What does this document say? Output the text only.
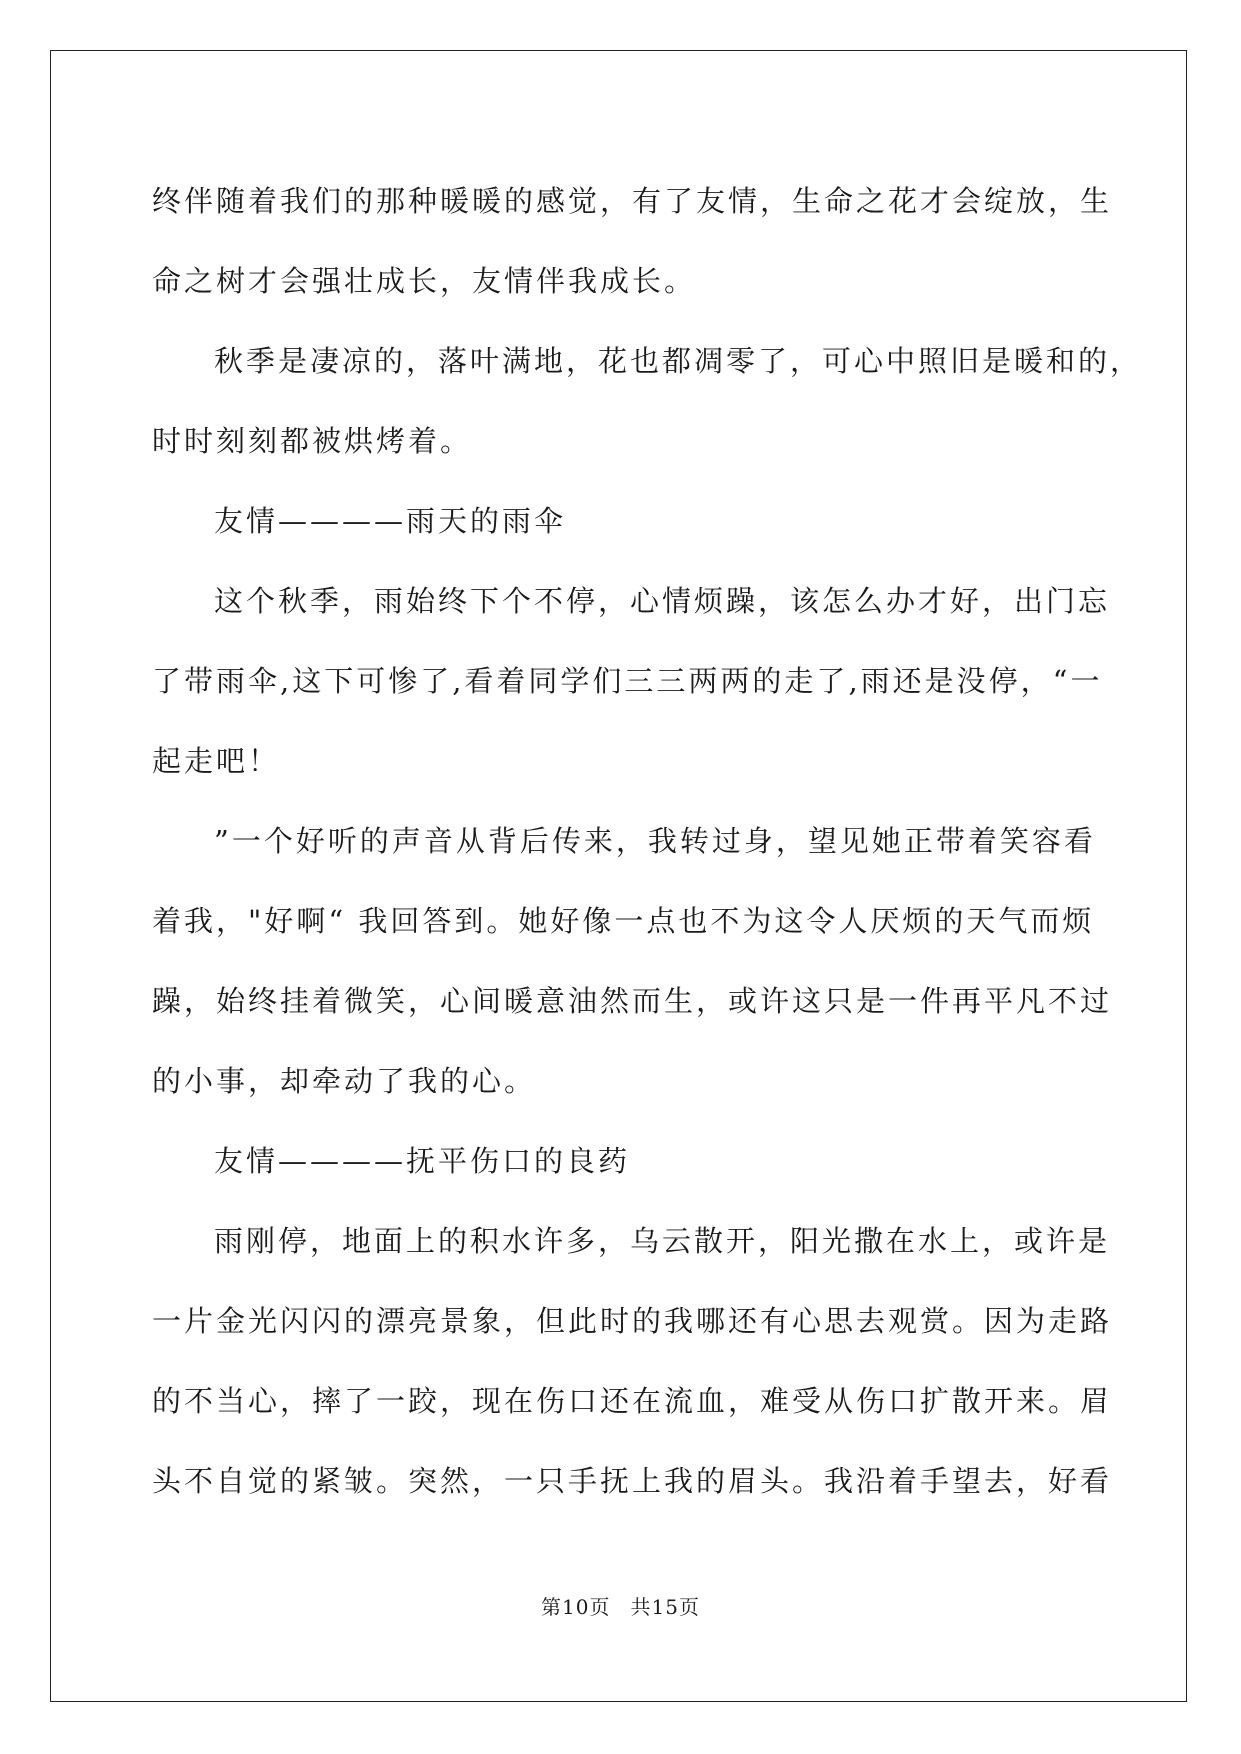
终伴随着我们的那种暖暖的感觉，有了友情，生命之花才会绽放，生
命之树才会强壮成长，友情伴我成长。
秋季是凄凉的，落叶满地，花也都凋零了，可心中照旧是暖和的，
时时刻刻都被烘烤着。
友情————雨天的雨伞
这个秋季，雨始终下个不停，心情烦躁，该怎么办才好，出门忘
了带雨伞,这下可惨了,看着同学们三三两两的走了,雨还是没停，“一
起走吧！
”一个好听的声音从背后传来，我转过身，望见她正带着笑容看
着我，"好啊“ 我回答到。她好像一点也不为这令人厌烦的天气而烦
躁，始终挂着微笑，心间暖意油然而生，或许这只是一件再平凡不过
的小事，却牵动了我的心。
友情————抚平伤口的良药
雨刚停，地面上的积水许多，乌云散开，阳光撒在水上，或许是
一片金光闪闪的漂亮景象，但此时的我哪还有心思去观赏。因为走路
的不当心，摔了一跤，现在伤口还在流血，难受从伤口扩散开来。眉
头不自觉的紧皱。突然，一只手抚上我的眉头。我沿着手望去，好看
第10页 共15页
